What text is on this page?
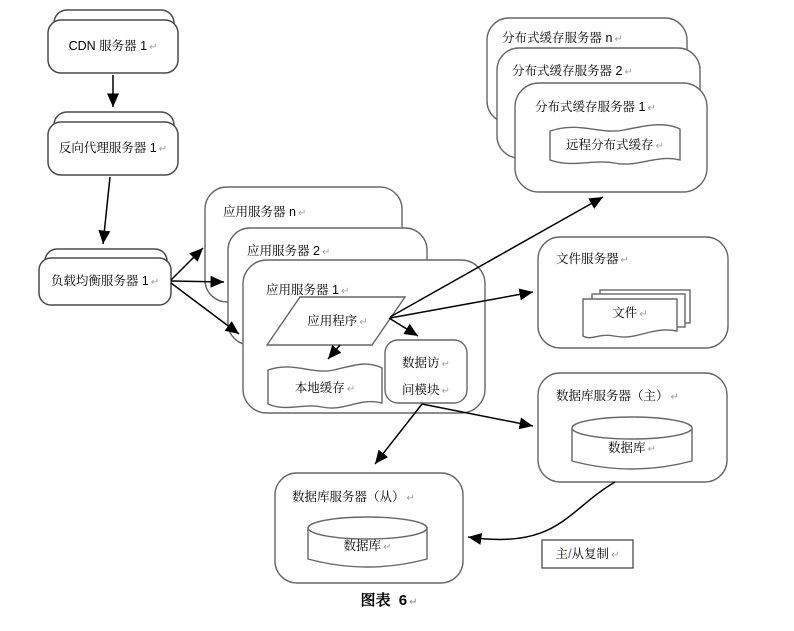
CDN 服务器 1 ↵
反向代理服务器 1 ↵
负载均衡服务器 1 ↵
应用服务器 n ↵
应用服务器 2 ↵
应用服务器 1 ↵
应用程序 ↵
本地缓存 ↵
数据访 ↵
问模块 ↵
分布式缓存服务器 n ↵
分布式缓存服务器 2 ↵
分布式缓存服务器 1 ↵
远程分布式缓存 ↵
文件服务器 ↵
文件 ↵
数据库服务器（主） ↵
数据库 ↵
数据库服务器（从） ↵
数据库 ↵	主/从复制 ↵
图表  6 ↵
